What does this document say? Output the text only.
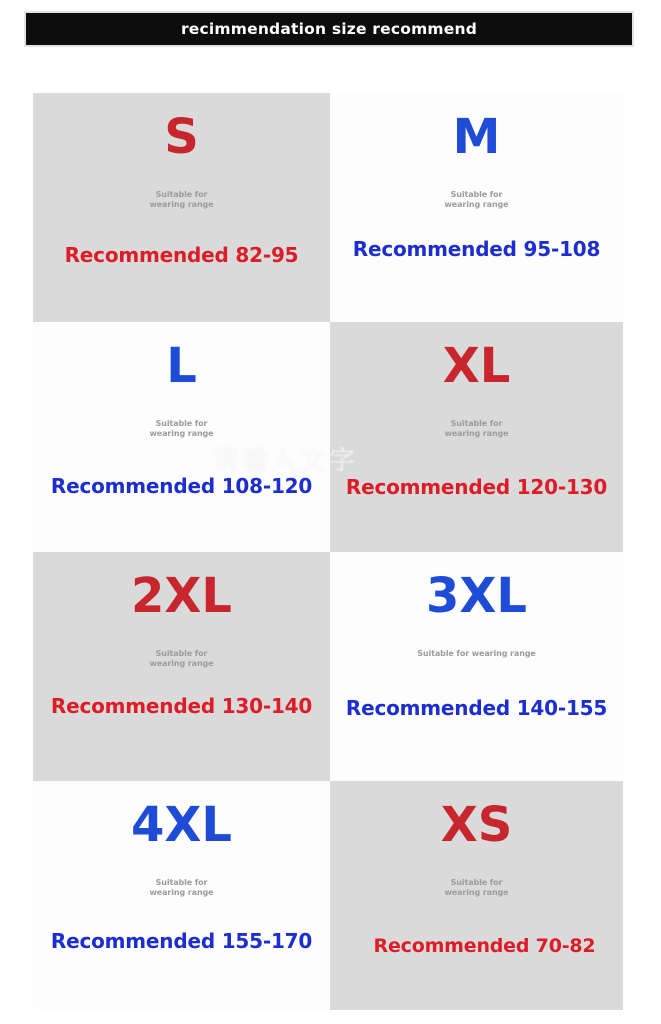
recimmendation size recommend
S
Suitable for wearing range
Recommended 82-95
M
Suitable for wearing range
Recommended 95-108
L
Suitable for wearing range
Recommended 108-120
XL
Suitable for wearing range
Recommended 120-130
2XL
Suitable for wearing range
Recommended 130-140
3XL
Suitable for wearing range
Recommended 140-155
4XL
Suitable for wearing range
Recommended 155-170
XS
Suitable for wearing range
Recommended 70-82
请输入文字
